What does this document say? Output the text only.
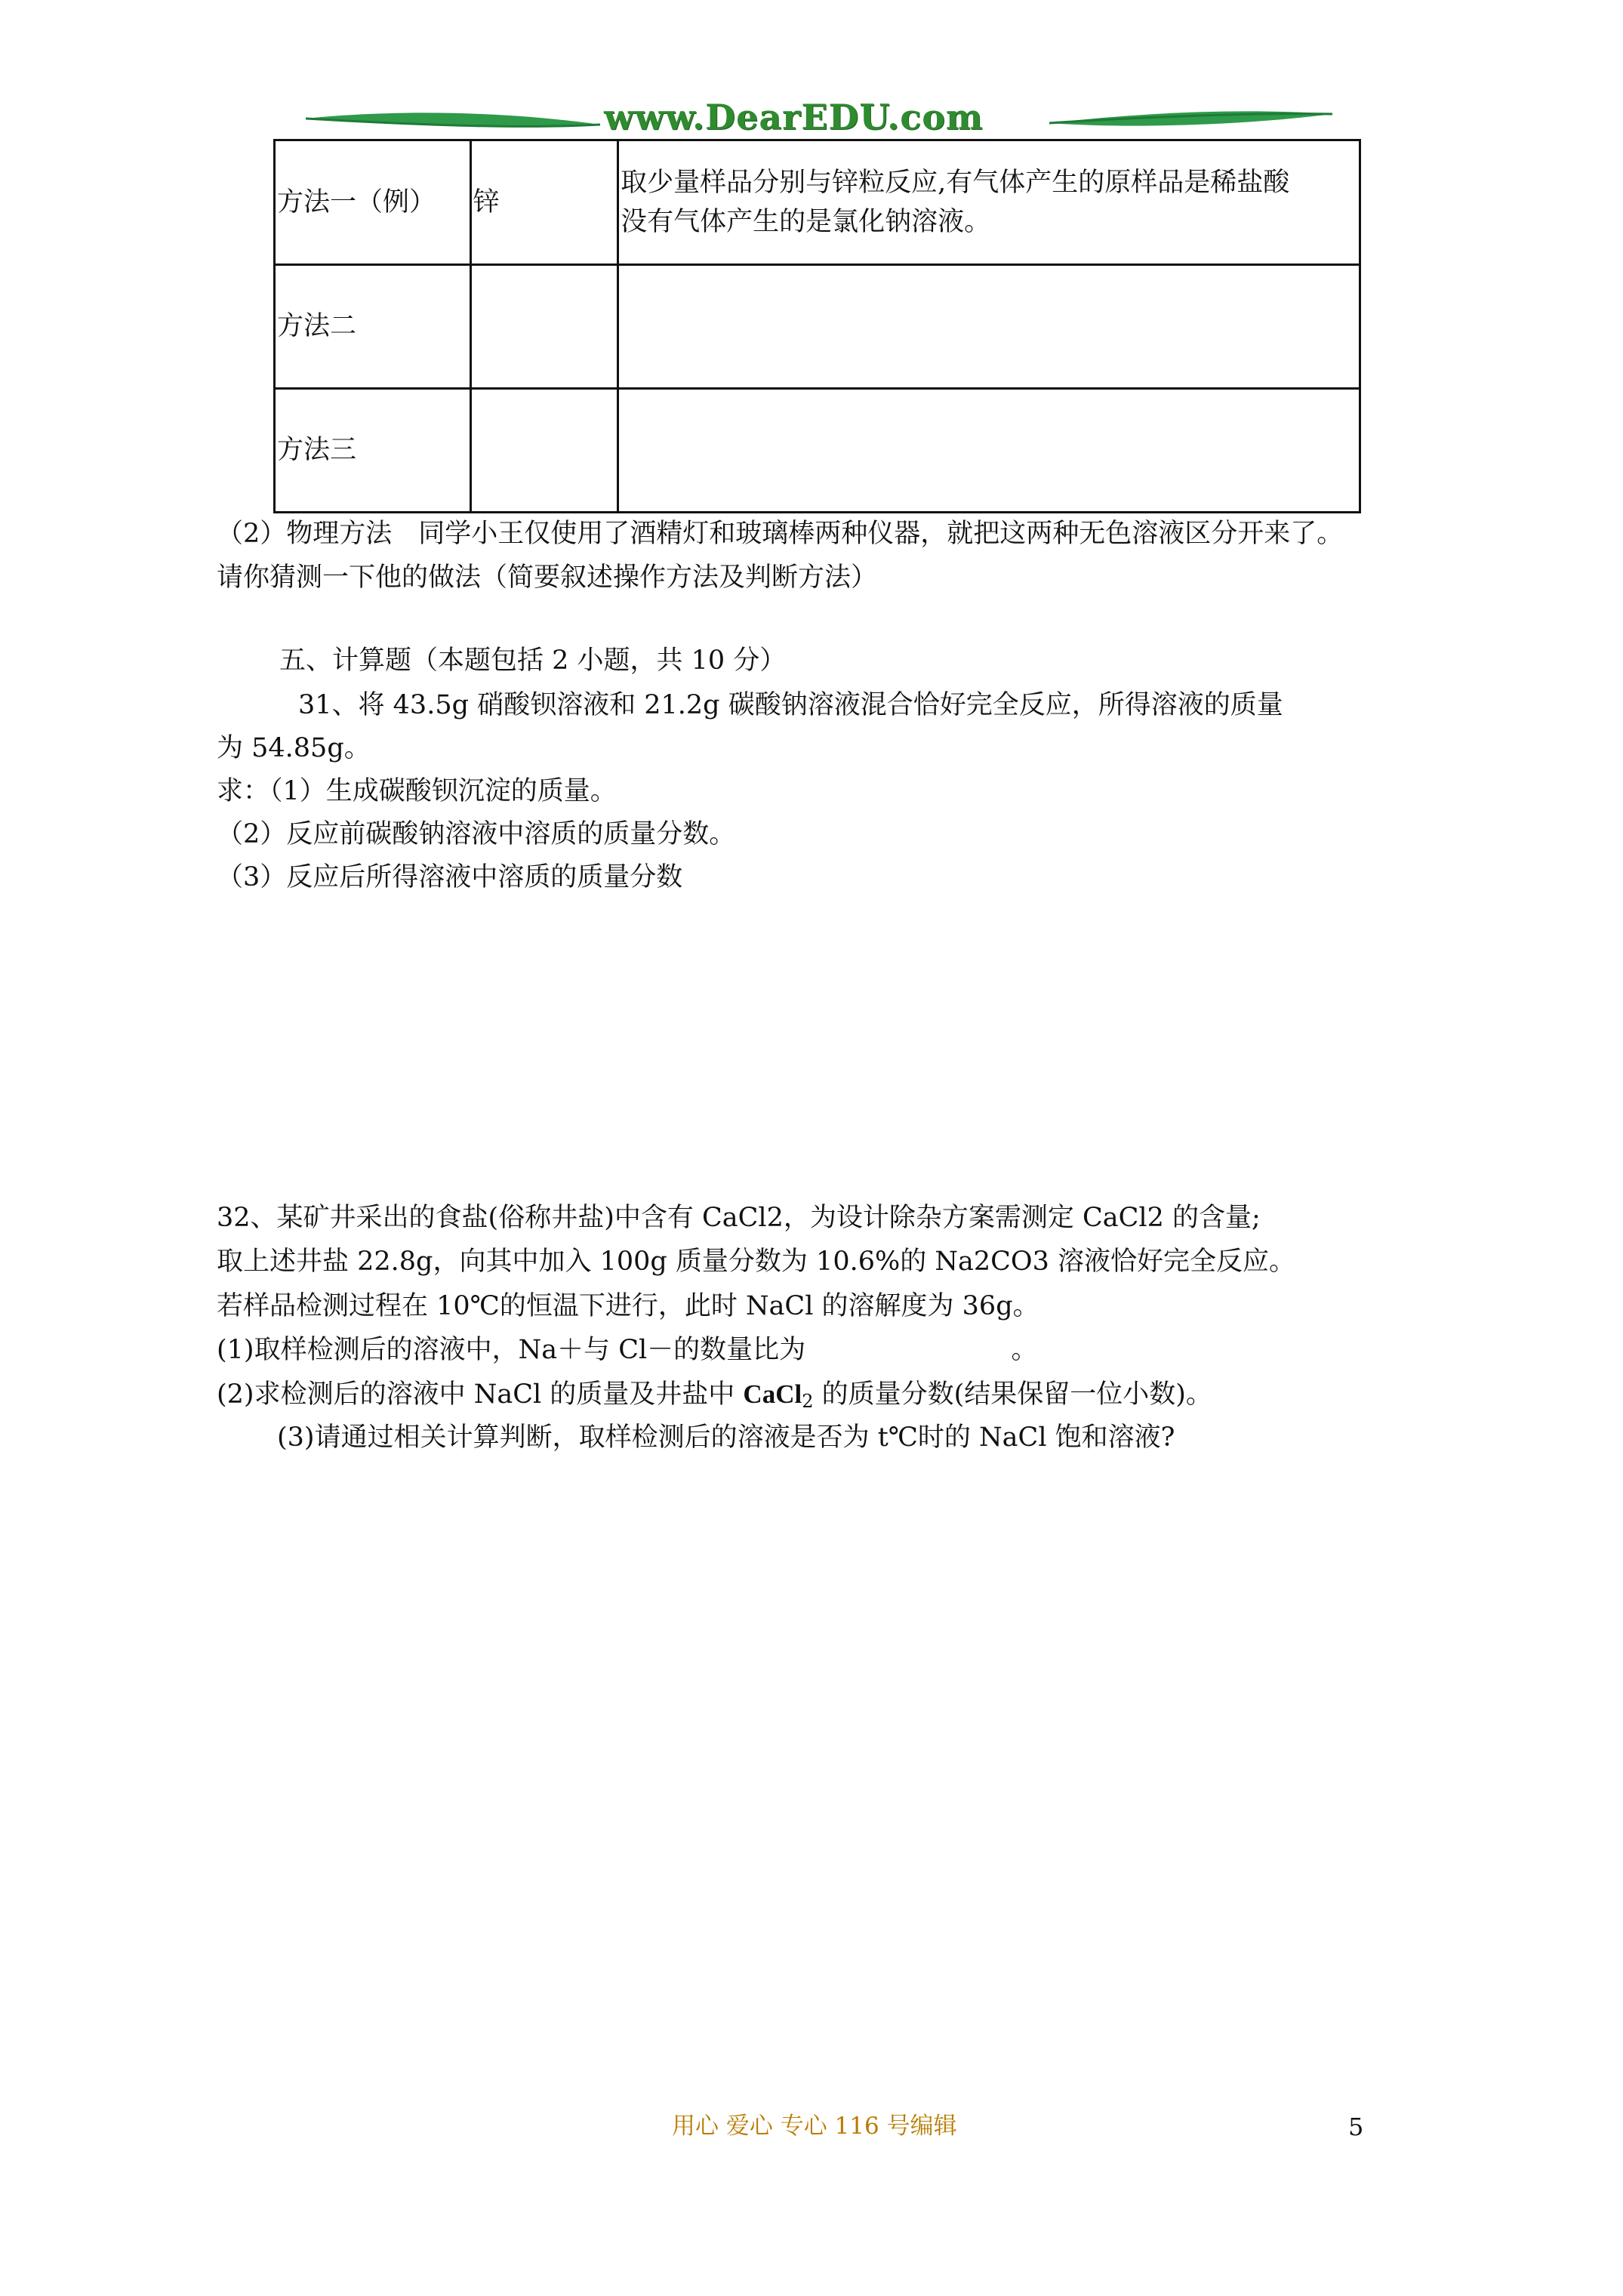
www.DearEDU.com
方法一（例）	锌	取少量样品分别与锌粒反应,有气体产生的原样品是稀盐酸
没有气体产生的是氯化钠溶液。

方法二		
方法三		
（2）物理方法　同学小王仅使用了酒精灯和玻璃棒两种仪器，就把这两种无色溶液区分开来了。
请你猜测一下他的做法（简要叙述操作方法及判断方法）
五、计算题（本题包括 2 小题，共 10 分）
31、将 43.5g 硝酸钡溶液和 21.2g 碳酸钠溶液混合恰好完全反应，所得溶液的质量
为 54.85g。
求：（1）生成碳酸钡沉淀的质量。
（2）反应前碳酸钠溶液中溶质的质量分数。
（3）反应后所得溶液中溶质的质量分数
32、某矿井采出的食盐(俗称井盐)中含有 CaCl2，为设计除杂方案需测定 CaCl2 的含量;
取上述井盐 22.8g，向其中加入 100g 质量分数为 10.6%的 Na2CO3 溶液恰好完全反应。
若样品检测过程在 10℃的恒温下进行，此时 NaCl 的溶解度为 36g。
(1)取样检测后的溶液中，Na＋与 Cl－的数量比为	。
(2)求检测后的溶液中 NaCl 的质量及井盐中 CaCl$_2$ 的质量分数(结果保留一位小数)。
(3)请通过相关计算判断，取样检测后的溶液是否为 t℃时的 NaCl 饱和溶液?
用心 爱心 专心 116 号编辑	5
